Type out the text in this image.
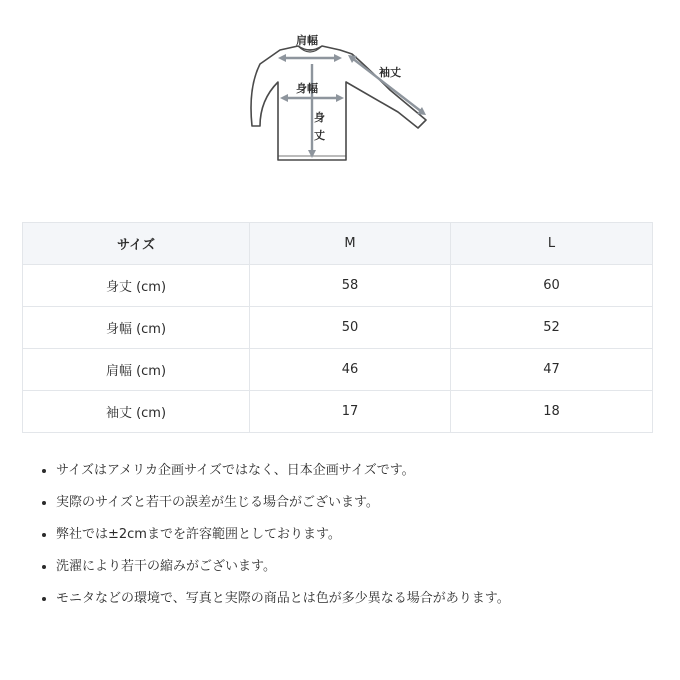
肩幅
袖丈
身幅
身
丈
サイズ	M	L
身丈 (cm)	58	60
身幅 (cm)	50	52
肩幅 (cm)	46	47
袖丈 (cm)	17	18
• サイズはアメリカ企画サイズではなく、日本企画サイズです。
• 実際のサイズと若干の誤差が生じる場合がございます。
• 弊社では±2cmまでを許容範囲としております。
• 洗濯により若干の縮みがございます。
• モニタなどの環境で、写真と実際の商品とは色が多少異なる場合があります。
